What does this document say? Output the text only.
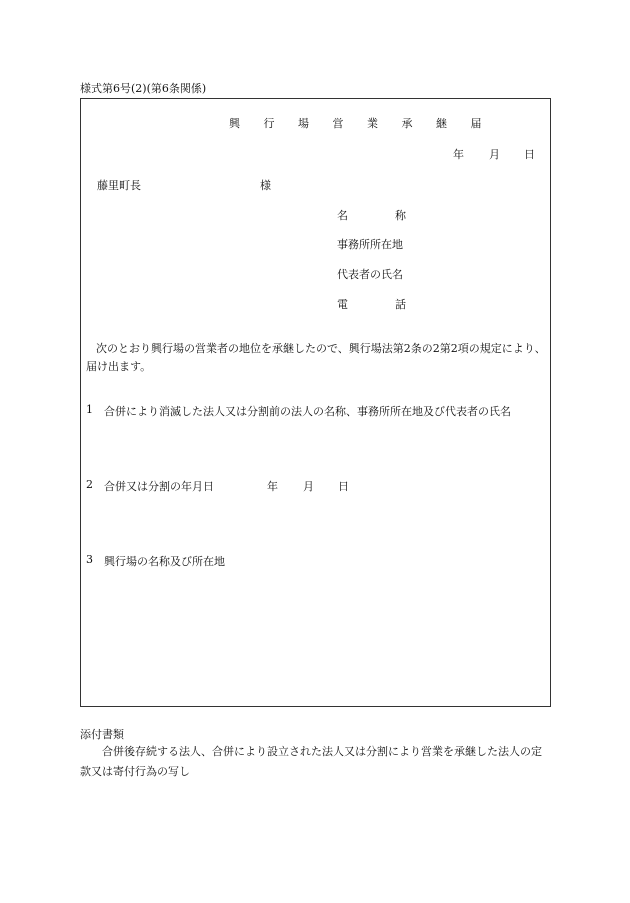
様式第6号(2)(第6条関係)
興 行 場 営 業 承 継 届
年 月 日
藤里町長	様
名	称
事務所所在地
代表者の氏名
電	話
次のとおり興行場の営業者の地位を承継したので、興行場法第2条の2第2項の規定により、届け出ます。
1 合併により消滅した法人又は分割前の法人の名称、事務所所在地及び代表者の氏名
2 合併又は分割の年月日	年 月 日
3 興行場の名称及び所在地
添付書類
合併後存続する法人、合併により設立された法人又は分割により営業を承継した法人の定款又は寄付行為の写し
